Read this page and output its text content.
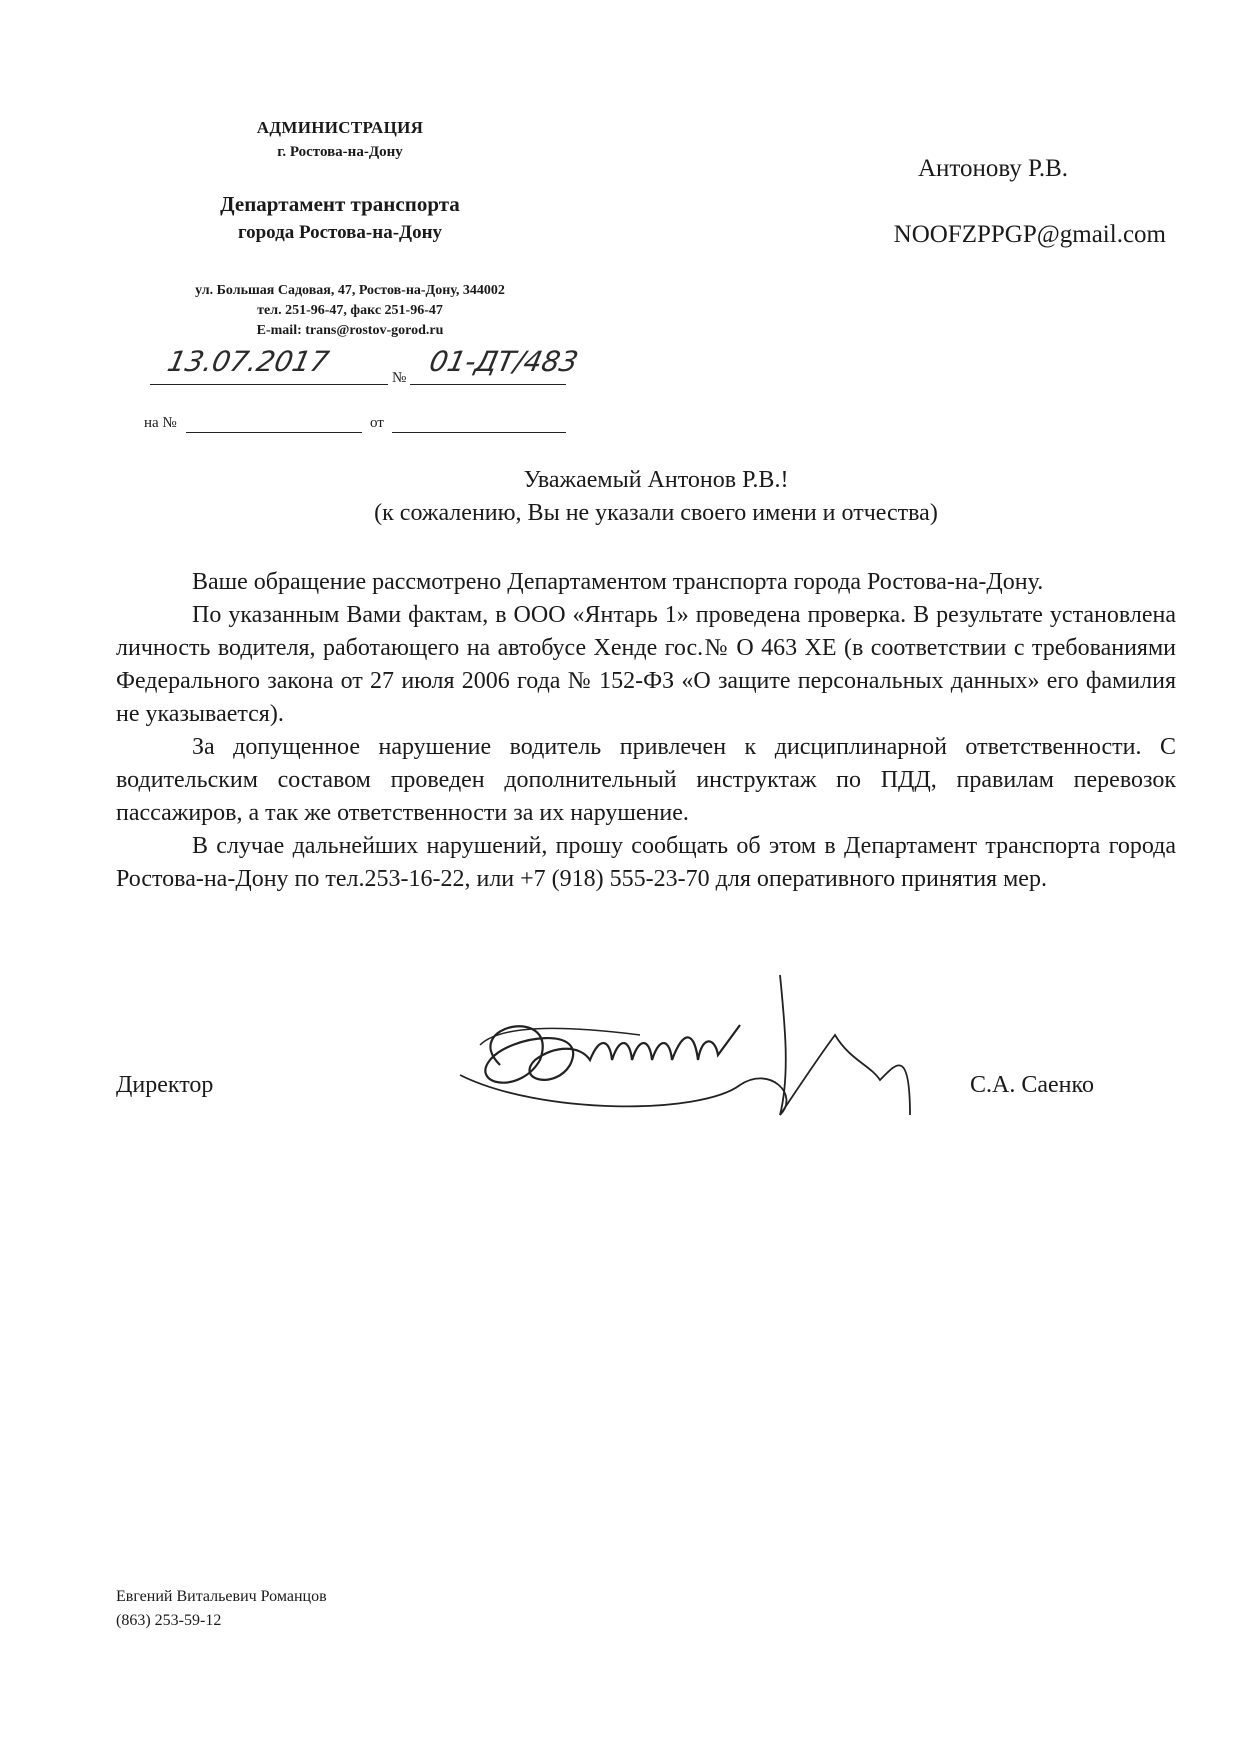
АДМИНИСТРАЦИЯ
г. Ростова-на-Дону
Департамент транспорта
города Ростова-на-Дону
ул. Большая Садовая, 47, Ростов-на-Дону, 344002
тел. 251-96-47, факс 251-96-47
E-mail: trans@rostov-gorod.ru
13.07.2017	№ 01-ДТ/483
на №	от
Антонову Р.В.
NOOFZPPGP@gmail.com
Уважаемый Антонов Р.В.!
(к сожалению, Вы не указали своего имени и отчества)

Ваше обращение рассмотрено Департаментом транспорта города Ростова-на-Дону.

По указанным Вами фактам, в ООО «Янтарь 1» проведена проверка. В результате установлена личность водителя, работающего на автобусе Хенде гос.№ О 463 ХЕ (в соответствии с требованиями Федерального закона от 27 июля 2006 года № 152-ФЗ «О защите персональных данных» его фамилия не указывается).

За допущенное нарушение водитель привлечен к дисциплинарной ответственности. С водительским составом проведен дополнительный инструктаж по ПДД, правилам перевозок пассажиров, а так же ответственности за их нарушение.

В случае дальнейших нарушений, прошу сообщать об этом в Департамент транспорта города Ростова-на-Дону по тел.253-16-22, или +7 (918) 555-23-70 для оперативного принятия мер.

Директор	С.А. Саенко
Евгений Витальевич Романцов
(863) 253-59-12
